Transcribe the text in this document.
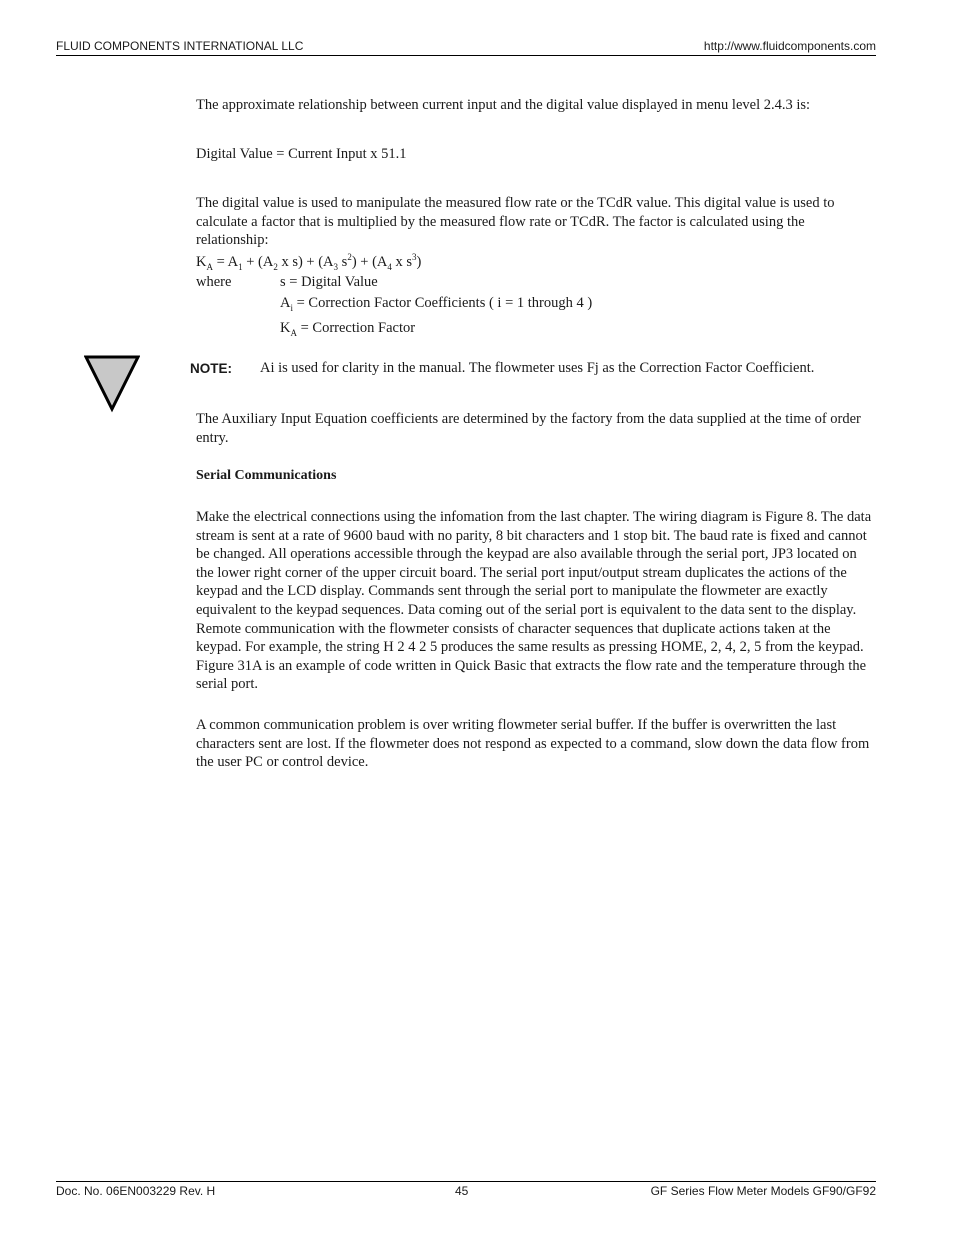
FLUID COMPONENTS INTERNATIONAL LLC	http://www.fluidcomponents.com
The approximate relationship between current input and the digital value displayed in menu level 2.4.3 is:
Digital Value = Current Input x 51.1
The digital value is used to manipulate the measured flow rate or the TCdR value. This digital value is used to calculate a factor that is multiplied by the measured flow rate or TCdR. The factor is calculated using the relationship:
$K_A = A_1 + (A_2$ x $s) + (A_3$ $s^2) + (A_4$ x $s^3$)
where	s = Digital Value
$A_i$ = Correction Factor Coefficients ( i = 1 through 4 )
$K_A$ = Correction Factor
NOTE: Ai is used for clarity in the manual. The flowmeter uses Fj as the Correction Factor Coefficient.
The Auxiliary Input Equation coefficients are determined by the factory from the data supplied at the time of order entry.
Serial Communications
Make the electrical connections using the infomation from the last chapter. The wiring diagram is Figure 8. The data stream is sent at a rate of 9600 baud with no parity, 8 bit characters and 1 stop bit. The baud rate is fixed and cannot be changed. All operations accessible through the keypad are also available through the serial port, JP3 located on the lower right corner of the upper circuit board. The serial port input/output stream duplicates the actions of the keypad and the LCD display. Commands sent through the serial port to manipulate the flowmeter are exactly equivalent to the keypad sequences. Data coming out of the serial port is equivalent to the data sent to the display. Remote communication with the flowmeter consists of character sequences that duplicate actions taken at the keypad. For example, the string H 2 4 2 5 produces the same results as pressing HOME, 2, 4, 2, 5 from the keypad. Figure 31A is an example of code written in Quick Basic that extracts the flow rate and the temperature through the serial port.
A common communication problem is over writing flowmeter serial buffer. If the buffer is overwritten the last characters sent are lost. If the flowmeter does not respond as expected to a command, slow down the data flow from the user PC or control device.
Doc. No. 06EN003229 Rev. H	45	GF Series Flow Meter Models GF90/GF92
